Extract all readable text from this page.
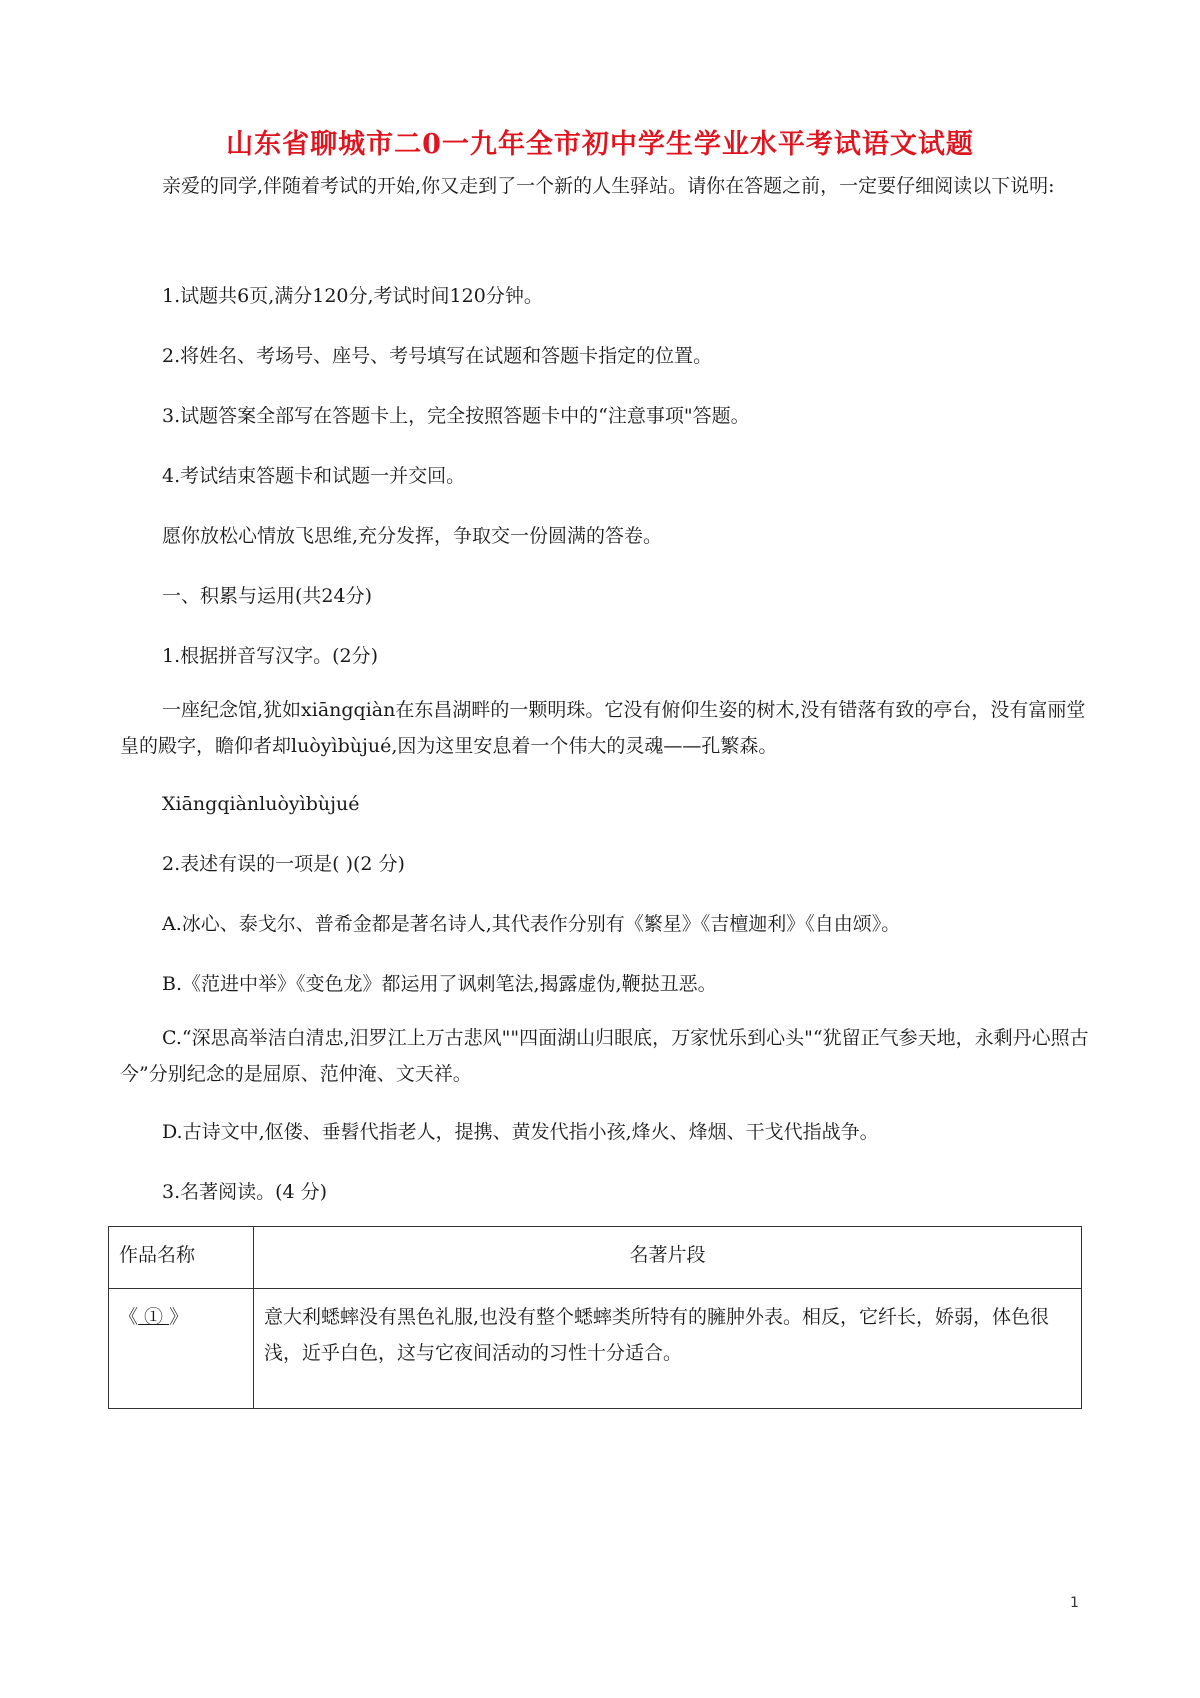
山东省聊城市二0一九年全市初中学生学业水平考试语文试题

亲爱的同学,伴随着考试的开始,你又走到了一个新的人生驿站。请你在答题之前，一定要仔细阅读以下说明:

1.试题共6页,满分120分,考试时间120分钟。

2.将姓名、考场号、座号、考号填写在试题和答题卡指定的位置。

3.试题答案全部写在答题卡上，完全按照答题卡中的“注意事项"答题。

4.考试结束答题卡和试题一并交回。

愿你放松心情放飞思维,充分发挥，争取交一份圆满的答卷。

一、积累与运用(共24分)

1.根据拼音写汉字。(2分)

一座纪念馆,犹如xiāngqiàn在东昌湖畔的一颗明珠。它没有俯仰生姿的树木,没有错落有致的亭台，没有富丽堂皇的殿字，瞻仰者却luòyìbùjué,因为这里安息着一个伟大的灵魂——孔繁森。

Xiāngqiànluòyìbùjué

2.表述有误的一项是( )(2 分)

A.冰心、泰戈尔、普希金都是著名诗人,其代表作分别有《繁星》《吉檀迦利》《自由颂》。

B.《范进中举》《变色龙》都运用了讽刺笔法,揭露虚伪,鞭挞丑恶。

C.“深思高举洁白清忠,汨罗江上万古悲风""四面湖山归眼底，万家忧乐到心头"“犹留正气参天地，永剩丹心照古今”分别纪念的是屈原、范仲淹、文天祥。

D.古诗文中,伛偻、垂髫代指老人，提携、黄发代指小孩,烽火、烽烟、干戈代指战争。

3.名著阅读。(4 分)

作品名称	名著片段
《 ① 》	意大利蟋蟀没有黑色礼服,也没有整个蟋蟀类所特有的臃肿外表。相反，它纤长，娇弱，体色很浅，近乎白色，这与它夜间活动的习性十分适合。
1
